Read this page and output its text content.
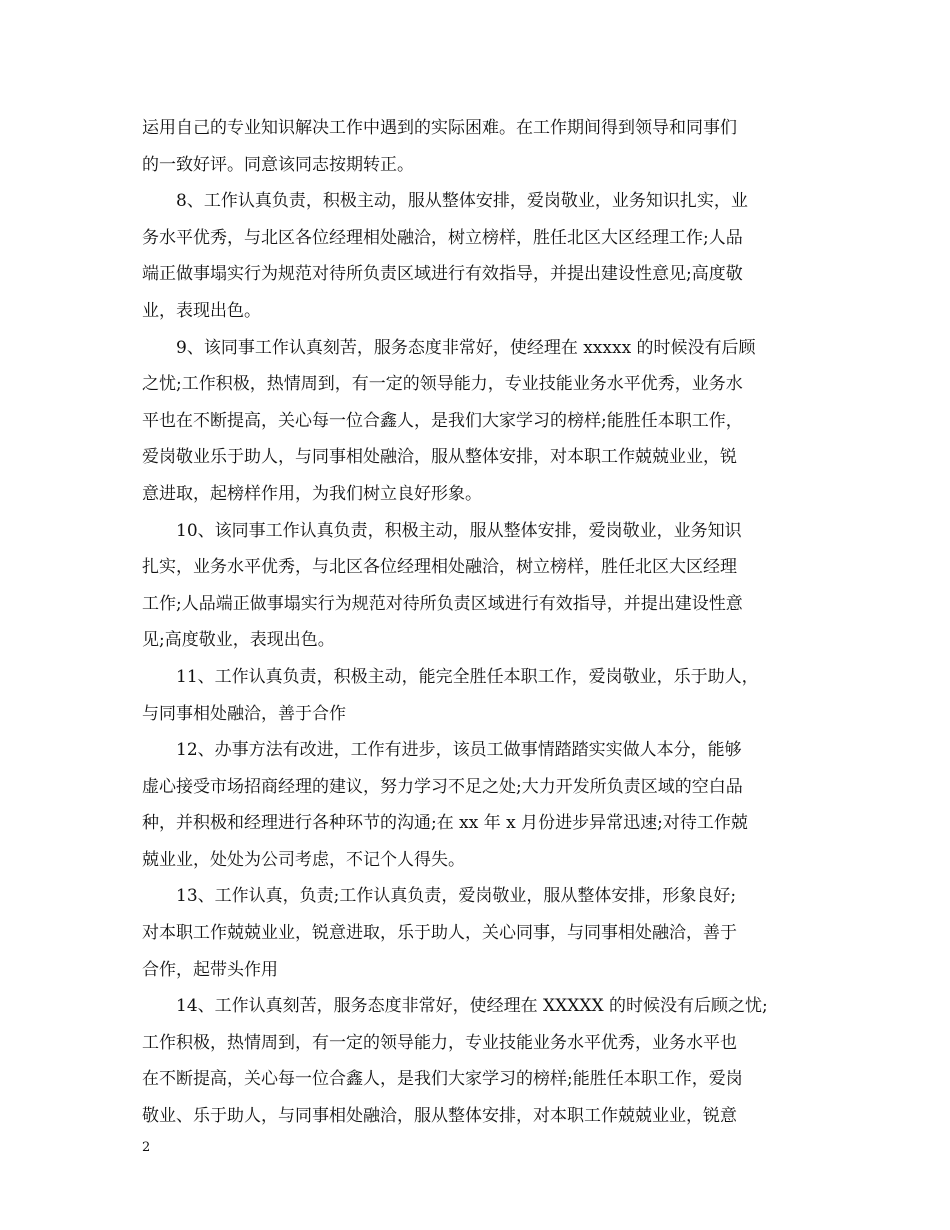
运用自己的专业知识解决工作中遇到的实际困难。在工作期间得到领导和同事们
的一致好评。同意该同志按期转正。
8、工作认真负责，积极主动，服从整体安排，爱岗敬业，业务知识扎实，业
务水平优秀，与北区各位经理相处融洽，树立榜样，胜任北区大区经理工作;人品
端正做事塌实行为规范对待所负责区域进行有效指导，并提出建设性意见;高度敬
业，表现出色。
9、该同事工作认真刻苦，服务态度非常好，使经理在 xxxxx 的时候没有后顾
之忧;工作积极，热情周到，有一定的领导能力，专业技能业务水平优秀，业务水
平也在不断提高，关心每一位合鑫人，是我们大家学习的榜样;能胜任本职工作，
爱岗敬业乐于助人，与同事相处融洽，服从整体安排，对本职工作兢兢业业，锐
意进取，起榜样作用，为我们树立良好形象。
10、该同事工作认真负责，积极主动，服从整体安排，爱岗敬业，业务知识
扎实，业务水平优秀，与北区各位经理相处融洽，树立榜样，胜任北区大区经理
工作;人品端正做事塌实行为规范对待所负责区域进行有效指导，并提出建设性意
见;高度敬业，表现出色。
11、工作认真负责，积极主动，能完全胜任本职工作，爱岗敬业，乐于助人，
与同事相处融洽，善于合作
12、办事方法有改进，工作有进步，该员工做事情踏踏实实做人本分，能够
虚心接受市场招商经理的建议，努力学习不足之处;大力开发所负责区域的空白品
种，并积极和经理进行各种环节的沟通;在 xx 年 x 月份进步异常迅速;对待工作兢
兢业业，处处为公司考虑，不记个人得失。
13、工作认真，负责;工作认真负责，爱岗敬业，服从整体安排，形象良好;
对本职工作兢兢业业，锐意进取，乐于助人，关心同事，与同事相处融洽，善于
合作，起带头作用
14、工作认真刻苦，服务态度非常好，使经理在 XXXXX 的时候没有后顾之忧;
工作积极，热情周到，有一定的领导能力，专业技能业务水平优秀，业务水平也
在不断提高，关心每一位合鑫人，是我们大家学习的榜样;能胜任本职工作，爱岗
敬业、乐于助人，与同事相处融洽，服从整体安排，对本职工作兢兢业业，锐意
2
